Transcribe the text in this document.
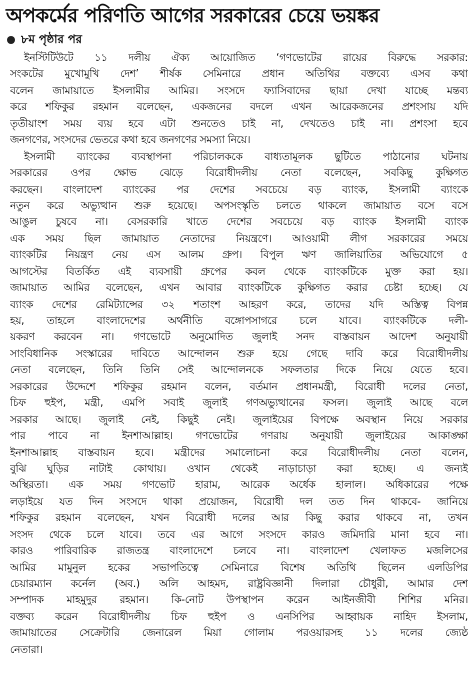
অপকর্মের পরিণতি আগের সরকারের চেয়ে ভয়ঙ্কর
৮ম পৃষ্ঠার পর
ইনস্টিটিউটে ১১ দলীয় ঐক্য আয়োজিত ‘গণভোটের রায়ের বিরুদ্ধে সরকার:
সংকটের মুখোমুখি দেশ’ শীর্ষক সেমিনারে প্রধান অতিথির বক্তব্যে এসব কথা
বলেন জামায়াতে ইসলামীর আমির। সংসদে ফ্যাসিবাদের ছায়া দেখা যাচ্ছে মন্তব্য
করে শফিকুর রহমান বলেছেন, একজনের বদলে এখন আরেকজনের প্রশংসায় যদি
তৃতীয়াংশ সময় ব্যয় হবে এটা শুনতেও চাই না, দেখতেও চাই না। প্রশংসা হবে
জনগণের, সংসদের ভেতরে কথা হবে জনগণের সমস্যা নিয়ে।
ইসলামী ব্যাংকের ব্যবস্থাপনা পরিচালককে বাধ্যতামূলক ছুটিতে পাঠানোর ঘটনায়
সরকারের ওপর ক্ষোভ ঝেড়ে বিরোধীদলীয় নেতা বলেছেন, সবকিছু কুক্ষিগত
করছেন। বাংলাদেশ ব্যাংকের পর দেশের সবচেয়ে বড় ব্যাংক, ইসলামী ব্যাংকে
নতুন করে অভ্যুত্থান শুরু হয়েছে। অপসংস্কৃতি চলতে থাকলে জামায়াত বসে বসে
আঙুল চুষবে না। বেসরকারি খাতে দেশের সবচেয়ে বড় ব্যাংক ইসলামী ব্যাংক
এক সময় ছিল জামায়াত নেতাদের নিয়ন্ত্রণে। আওয়ামী লীগ সরকারের সময়ে
ব্যাংকটির নিয়ন্ত্রণ নেয় এস আলম গ্রুপ। বিপুল ঋণ জালিয়াতির অভিযোগে ৫
আগস্টের বিতর্কিত এই ব্যবসায়ী গ্রুপের কবল থেকে ব্যাংকটিকে মুক্ত করা হয়।
জামায়াত আমির বলেছেন, এখন আবার ব্যাংকটিকে কুক্ষিগত করার চেষ্টা হচ্ছে। যে
ব্যাংক দেশের রেমিট্যান্সের ৩২ শতাংশ আহরণ করে, তাদের যদি অস্তিত্ব বিপন্ন
হয়, তাহলে বাংলাদেশের অর্থনীতি বঙ্গোপসাগরে চলে যাবে। ব্যাংকটিকে দলী-
য়করণ করবেন না। গণভোটে অনুমোদিত জুলাই সনদ বাস্তবায়ন আদেশ অনুযায়ী
সাংবিধানিক সংস্কারের দাবিতে আন্দোলন শুরু হয়ে গেছে দাবি করে বিরোধীদলীয়
নেতা বলেছেন, তিনি তিনি সেই আন্দোলনকে সফলতার দিকে নিয়ে যেতে হবে।
সরকারের উদ্দেশে শফিকুর রহমান বলেন, বর্তমান প্রধানমন্ত্রী, বিরোধী দলের নেতা,
চিফ হুইপ, মন্ত্রী, এমপি সবাই জুলাই গণঅভ্যুত্থানের ফসল। জুলাই আছে বলে
সরকার আছে। জুলাই নেই, কিছুই নেই। জুলাইয়ের বিপক্ষে অবস্থান নিয়ে সরকার
পার পাবে না ইনশাআল্লাহ। গণভোটের গণরায় অনুযায়ী জুলাইয়ের আকাঙ্ক্ষা
ইনশাআল্লাহ বাস্তবায়ন হবে। মন্ত্রীদের সমালোচনা করে বিরোধীদলীয় নেতা বলেন,
বুঝি ঘুড়ির নাটাই কোথায়। ওখান থেকেই নাড়াচাড়া করা হচ্ছে। এ জন্যই
অস্থিরতা। এক সময় গণভোট হারাম, আরেক অর্ধেক হালাল। অধিকারের পক্ষে
লড়াইয়ে যত দিন সংসদে থাকা প্রয়োজন, বিরোধী দল তত দিন থাকবে- জানিয়ে
শফিকুর রহমান বলেছেন, যখন বিরোধী দলের আর কিছু করার থাকবে না, তখন
সংসদ থেকে চলে যাবে। তবে এর আগে সংসদে কারও জমিদারি মানা হবে না।
কারও পারিবারিক রাজতন্ত্র বাংলাদেশে চলবে না। বাংলাদেশ খেলাফত মজলিসের
আমির মামুনুল হকের সভাপতিত্বে সেমিনারে বিশেষ অতিথি ছিলেন এলডিপির
চেয়ারম্যান কর্নেল (অব.) অলি আহমদ, রাষ্ট্রবিজ্ঞানী দিলারা চৌধুরী, আমার দেশ
সম্পাদক মাহমুদুর রহমান। কি-নোট উপস্থাপন করেন আইনজীবী শিশির মনির।
বক্তব্য করেন বিরোধীদলীয় চিফ হুইপ ও এনসিপির আহ্বায়ক নাহিদ ইসলাম,
জামায়াতের সেক্রেটারি জেনারেল মিয়া গোলাম পরওয়ারসহ ১১ দলের জ্যেষ্ঠ
নেতারা।
